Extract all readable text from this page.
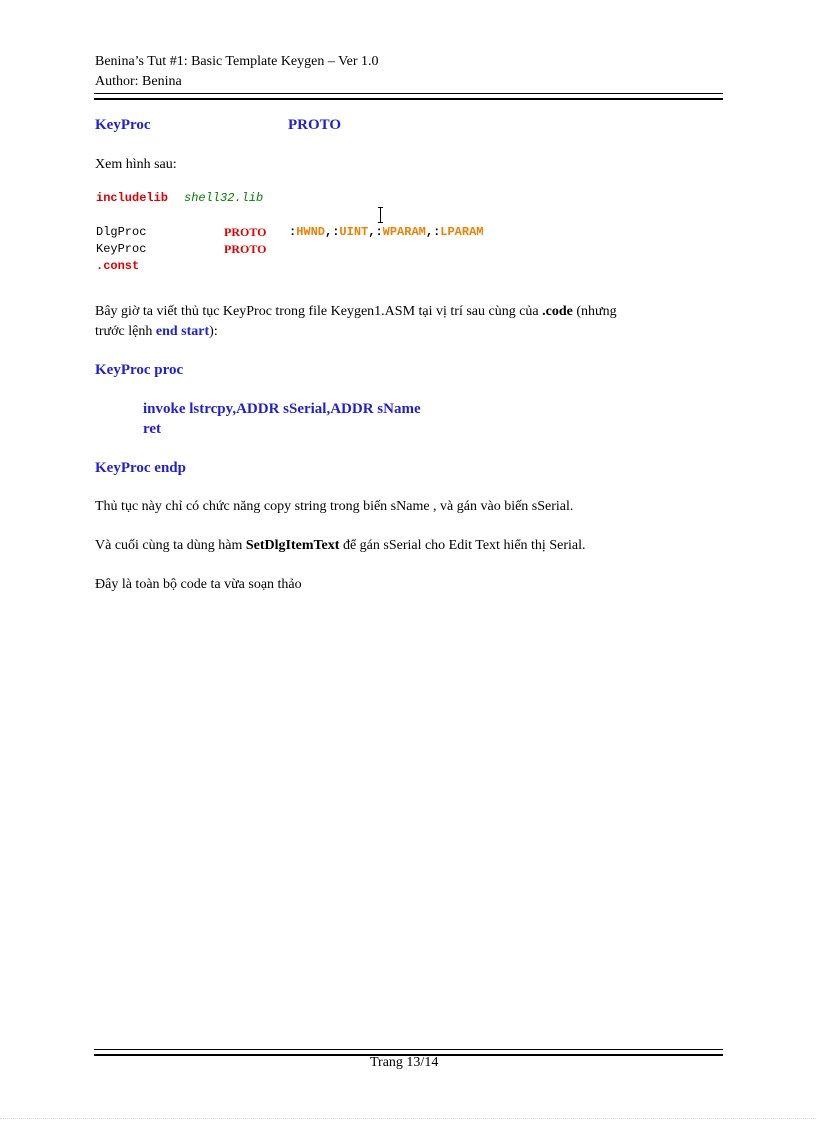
Benina’s Tut #1: Basic Template Keygen – Ver 1.0
Author: Benina
KeyProc	PROTO
Xem hình sau:
includelib shell32.lib
DlgProc	PROTO :HWND,:UINT,:WPARAM,:LPARAM
KeyProc	PROTO
.const
Bây giờ ta viết thủ tục KeyProc trong file Keygen1.ASM tại vị trí sau cùng của .code (nhưng
trước lệnh end start):
KeyProc proc
invoke lstrcpy,ADDR sSerial,ADDR sName
ret
KeyProc endp
Thủ tục này chỉ có chức năng copy string trong biến sName , và gán vào biến sSerial.
Và cuối cùng ta dùng hàm SetDlgItemText để gán sSerial cho Edit Text hiển thị Serial.
Đây là toàn bộ code ta vừa soạn thảo
Trang 13/14
